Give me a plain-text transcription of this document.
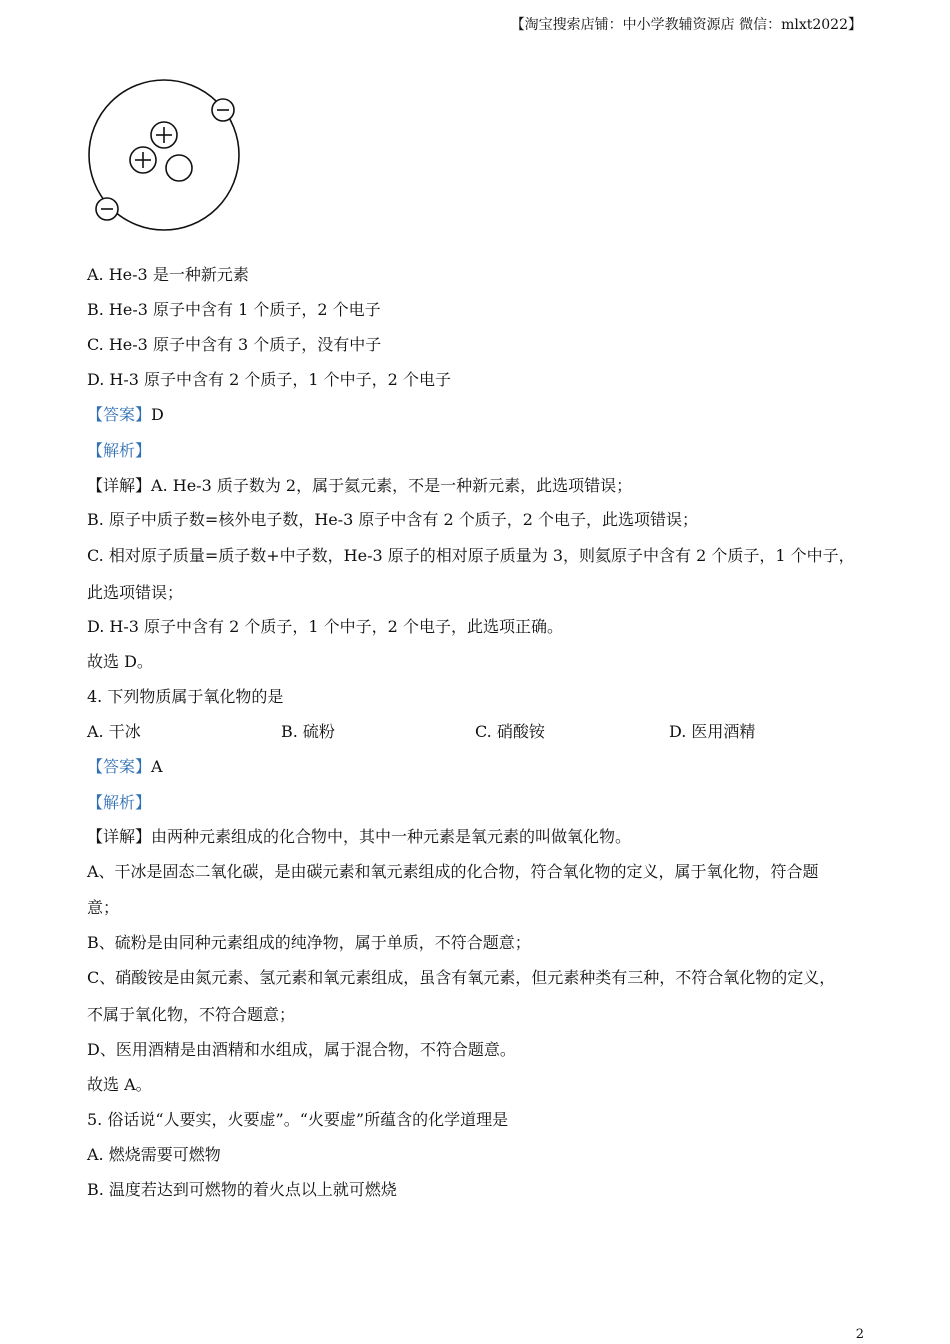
【淘宝搜索店铺：中小学教辅资源店 微信：mlxt2022】
A. He-3 是一种新元素
B. He-3 原子中含有 1 个质子，2 个电子
C. He-3 原子中含有 3 个质子，没有中子
D. H-3 原子中含有 2 个质子，1 个中子，2 个电子
【答案】D
【解析】
【详解】A. He-3 质子数为 2，属于氦元素，不是一种新元素，此选项错误；
B. 原子中质子数=核外电子数，He-3 原子中含有 2 个质子，2 个电子，此选项错误；
C. 相对原子质量=质子数+中子数，He-3 原子的相对原子质量为 3，则氦原子中含有 2 个质子，1 个中子，
此选项错误；
D. H-3 原子中含有 2 个质子，1 个中子，2 个电子，此选项正确。
故选 D。
4. 下列物质属于氧化物的是
A. 干冰	B. 硫粉	C. 硝酸铵	D. 医用酒精
【答案】A
【解析】
【详解】由两种元素组成的化合物中，其中一种元素是氧元素的叫做氧化物。
A、干冰是固态二氧化碳，是由碳元素和氧元素组成的化合物，符合氧化物的定义，属于氧化物，符合题
意；
B、硫粉是由同种元素组成的纯净物，属于单质，不符合题意；
C、硝酸铵是由氮元素、氢元素和氧元素组成，虽含有氧元素，但元素种类有三种，不符合氧化物的定义，
不属于氧化物，不符合题意；
D、医用酒精是由酒精和水组成，属于混合物，不符合题意。
故选 A。
5. 俗话说“人要实，火要虚”。“火要虚”所蕴含的化学道理是
A. 燃烧需要可燃物
B. 温度若达到可燃物的着火点以上就可燃烧
2
